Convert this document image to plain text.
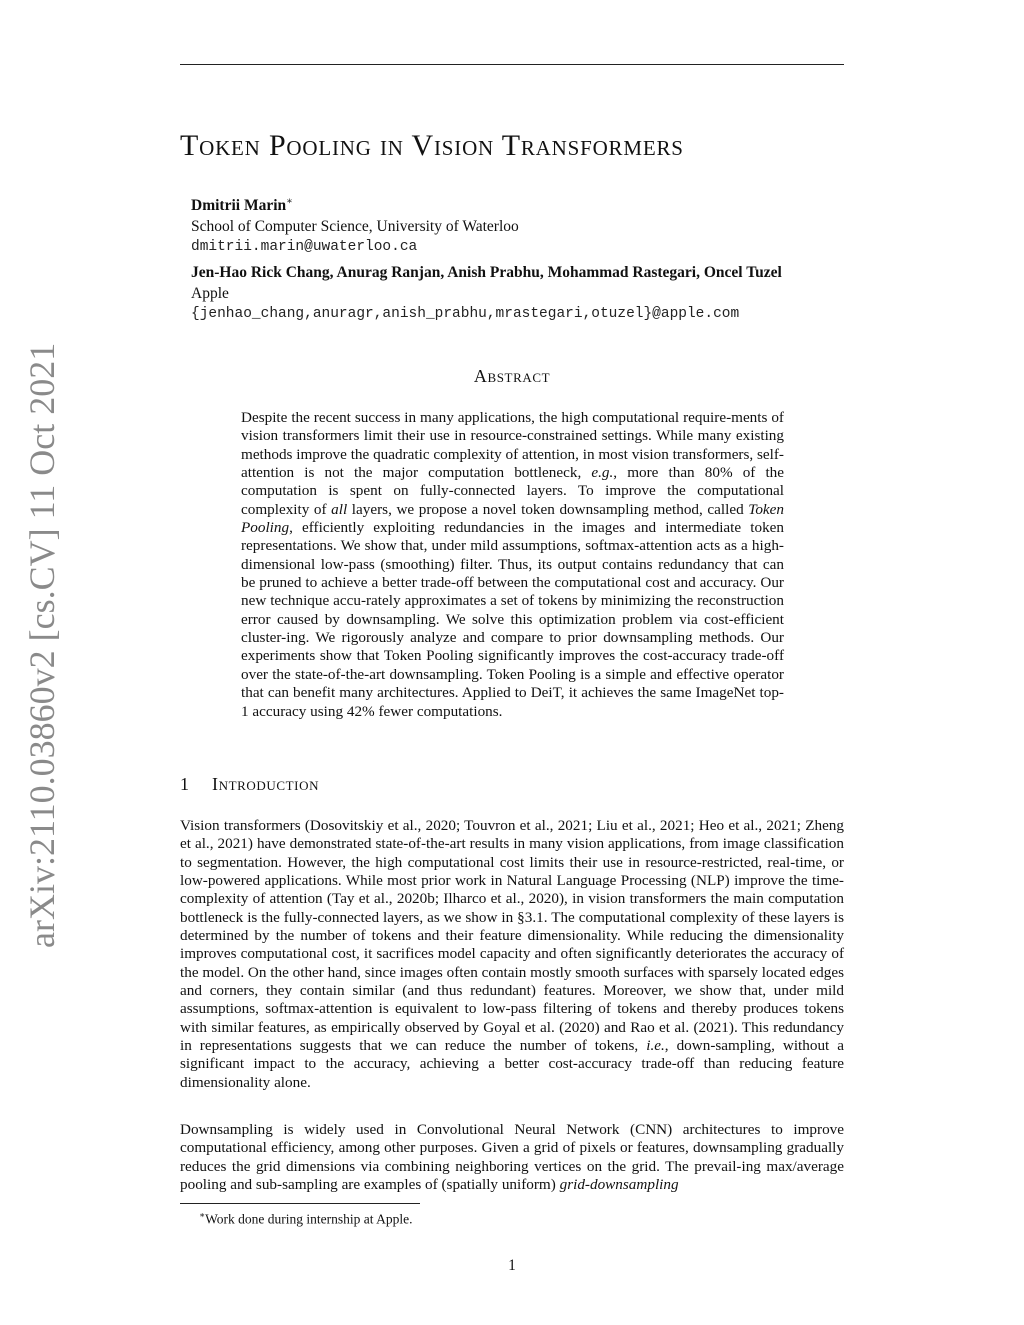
arXiv:2110.03860v2 [cs.CV] 11 Oct 2021
Token Pooling in Vision Transformers
Dmitrii Marin∗
School of Computer Science, University of Waterloo
dmitrii.marin@uwaterloo.ca
Jen-Hao Rick Chang, Anurag Ranjan, Anish Prabhu, Mohammad Rastegari, Oncel Tuzel
Apple
{jenhao_chang,anuragr,anish_prabhu,mrastegari,otuzel}@apple.com
Abstract

Despite the recent success in many applications, the high computational require-ments of vision transformers limit their use in resource-constrained settings. While many existing methods improve the quadratic complexity of attention, in most vision transformers, self-attention is not the major computation bottleneck, e.g., more than 80% of the computation is spent on fully-connected layers. To improve the computational complexity of all layers, we propose a novel token downsampling method, called Token Pooling, efficiently exploiting redundancies in the images and intermediate token representations. We show that, under mild assumptions, softmax-attention acts as a high-dimensional low-pass (smoothing) filter. Thus, its output contains redundancy that can be pruned to achieve a better trade-off between the computational cost and accuracy. Our new technique accu-rately approximates a set of tokens by minimizing the reconstruction error caused by downsampling. We solve this optimization problem via cost-efficient cluster-ing. We rigorously analyze and compare to prior downsampling methods. Our experiments show that Token Pooling significantly improves the cost-accuracy trade-off over the state-of-the-art downsampling. Token Pooling is a simple and effective operator that can benefit many architectures. Applied to DeiT, it achieves the same ImageNet top-1 accuracy using 42% fewer computations.

1 Introduction

Vision transformers (Dosovitskiy et al., 2020; Touvron et al., 2021; Liu et al., 2021; Heo et al., 2021; Zheng et al., 2021) have demonstrated state-of-the-art results in many vision applications, from image classification to segmentation. However, the high computational cost limits their use in resource-restricted, real-time, or low-powered applications. While most prior work in Natural Language Processing (NLP) improve the time-complexity of attention (Tay et al., 2020b; Ilharco et al., 2020), in vision transformers the main computation bottleneck is the fully-connected layers, as we show in §3.1. The computational complexity of these layers is determined by the number of tokens and their feature dimensionality. While reducing the dimensionality improves computational cost, it sacrifices model capacity and often significantly deteriorates the accuracy of the model. On the other hand, since images often contain mostly smooth surfaces with sparsely located edges and corners, they contain similar (and thus redundant) features. Moreover, we show that, under mild assumptions, softmax-attention is equivalent to low-pass filtering of tokens and thereby produces tokens with similar features, as empirically observed by Goyal et al. (2020) and Rao et al. (2021). This redundancy in representations suggests that we can reduce the number of tokens, i.e., down-sampling, without a significant impact to the accuracy, achieving a better cost-accuracy trade-off than reducing feature dimensionality alone.

Downsampling is widely used in Convolutional Neural Network (CNN) architectures to improve computational efficiency, among other purposes. Given a grid of pixels or features, downsampling gradually reduces the grid dimensions via combining neighboring vertices on the grid. The prevail-ing max/average pooling and sub-sampling are examples of (spatially uniform) grid-downsampling

∗Work done during internship at Apple.

1
